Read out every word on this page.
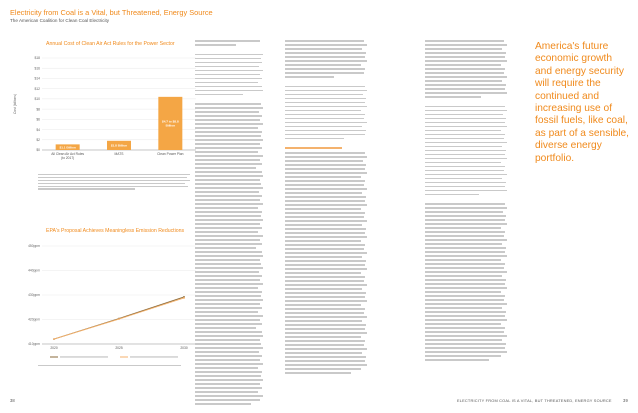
Electricity from Coal is a Vital, but Threatened, Energy Source
The American Coalition for Clean Coal Electricity
Annual Cost of Clean Air Act Rules for the Power Sector
$0
$2
$4
$6
$8
$10
$12
$14
$16
$18
Cost (billions)
$1.1 Billion
All Clean Air Act Rules
(to 2017)
$1.8 Billion
MATS
$4.7 to $8.8
Billion
Clean Power Plan
EPA's Proposal Achieves Meaningless Emission Reductions
410ppm
420ppm
430ppm
440ppm
450ppm
2020	2025	2030
America's future economic growth and energy security will require the continued and increasing use of fossil fuels, like coal, as part of a sensible, diverse energy portfolio.
38	ELECTRICITY FROM COAL IS A VITAL, BUT THREATENED, ENERGY SOURCE	39
